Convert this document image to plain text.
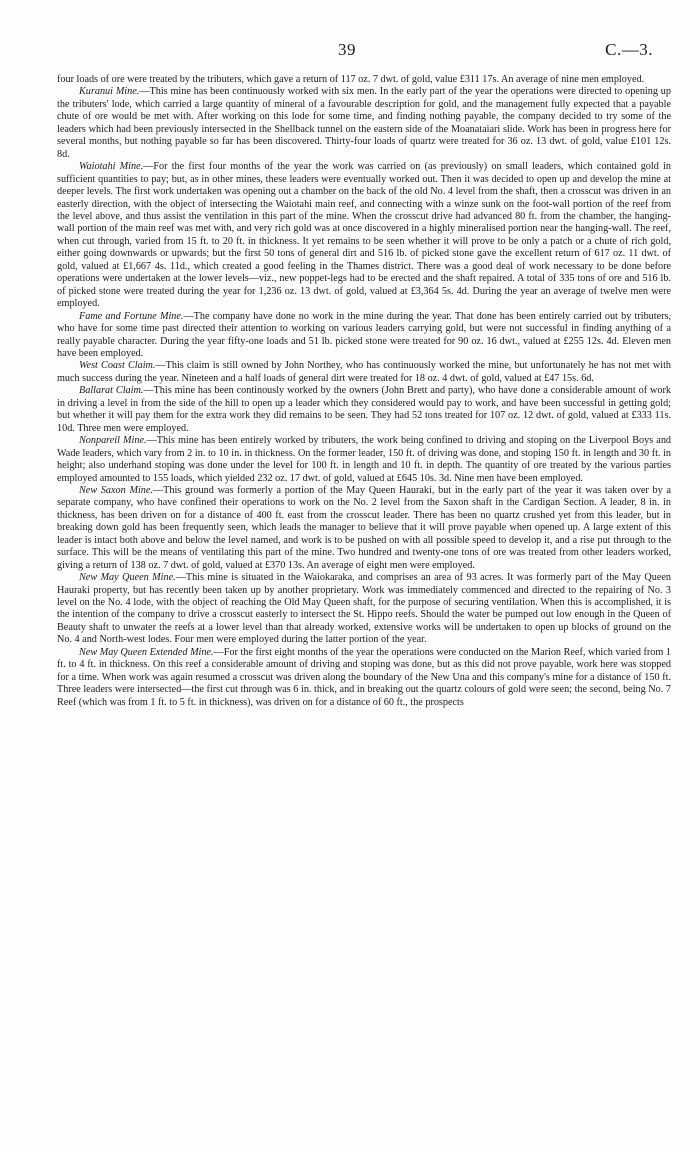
39	C.—3.

four loads of ore were treated by the tributers, which gave a return of 117 oz. 7 dwt. of gold, value £311 17s. An average of nine men employed.

Kuranui Mine.—This mine has been continuously worked with six men. In the early part of the year the operations were directed to opening up the tributers' lode, which carried a large quantity of mineral of a favourable description for gold, and the management fully expected that a payable chute of ore would be met with. After working on this lode for some time, and finding nothing payable, the company decided to try some of the leaders which had been previously intersected in the Shellback tunnel on the eastern side of the Moanataiari slide. Work has been in progress here for several months, but nothing payable so far has been discovered. Thirty-four loads of quartz were treated for 36 oz. 13 dwt. of gold, value £101 12s. 8d.

Waiotahi Mine.—For the first four months of the year the work was carried on (as previously) on small leaders, which contained gold in sufficient quantities to pay; but, as in other mines, these leaders were eventually worked out. Then it was decided to open up and develop the mine at deeper levels. The first work undertaken was opening out a chamber on the back of the old No. 4 level from the shaft, then a crosscut was driven in an easterly direction, with the object of intersecting the Waiotahi main reef, and connecting with a winze sunk on the foot-wall portion of the reef from the level above, and thus assist the ventilation in this part of the mine. When the crosscut drive had advanced 80 ft. from the chamber, the hanging-wall portion of the main reef was met with, and very rich gold was at once discovered in a highly mineralised portion near the hanging-wall. The reef, when cut through, varied from 15 ft. to 20 ft. in thickness. It yet remains to be seen whether it will prove to be only a patch or a chute of rich gold, either going downwards or upwards; but the first 50 tons of general dirt and 516 lb. of picked stone gave the excellent return of 617 oz. 11 dwt. of gold, valued at £1,667 4s. 11d., which created a good feeling in the Thames district. There was a good deal of work necessary to be done before operations were undertaken at the lower levels—viz., new poppet-legs had to be erected and the shaft repaired. A total of 335 tons of ore and 516 lb. of picked stone were treated during the year for 1,236 oz. 13 dwt. of gold, valued at £3,364 5s. 4d. During the year an average of twelve men were employed.

Fame and Fortune Mine.—The company have done no work in the mine during the year. That done has been entirely carried out by tributers, who have for some time past directed their attention to working on various leaders carrying gold, but were not successful in finding anything of a really payable character. During the year fifty-one loads and 51 lb. picked stone were treated for 90 oz. 16 dwt., valued at £255 12s. 4d. Eleven men have been employed.

West Coast Claim.—This claim is still owned by John Northey, who has continuously worked the mine, but unfortunately he has not met with much success during the year. Nineteen and a half loads of general dirt were treated for 18 oz. 4 dwt. of gold, valued at £47 15s. 6d.

Ballarat Claim.—This mine has been continously worked by the owners (John Brett and party), who have done a considerable amount of work in driving a level in from the side of the hill to open up a leader which they considered would pay to work, and have been successful in getting gold; but whether it will pay them for the extra work they did remains to be seen. They had 52 tons treated for 107 oz. 12 dwt. of gold, valued at £333 11s. 10d. Three men were employed.

Nonpareil Mine.—This mine has been entirely worked by tributers, the work being confined to driving and stoping on the Liverpool Boys and Wade leaders, which vary from 2 in. to 10 in. in thickness. On the former leader, 150 ft. of driving was done, and stoping 150 ft. in length and 30 ft. in height; also underhand stoping was done under the level for 100 ft. in length and 10 ft. in depth. The quantity of ore treated by the various parties employed amounted to 155 loads, which yielded 232 oz. 17 dwt. of gold, valued at £645 10s. 3d. Nine men have been employed.

New Saxon Mine.—This ground was formerly a portion of the May Queen Hauraki, but in the early part of the year it was taken over by a separate company, who have confined their operations to work on the No. 2 level from the Saxon shaft in the Cardigan Section. A leader, 8 in. in thickness, has been driven on for a distance of 400 ft. east from the crosscut leader. There has been no quartz crushed yet from this leader, but in breaking down gold has been frequently seen, which leads the manager to believe that it will prove payable when opened up. A large extent of this leader is intact both above and below the level named, and work is to be pushed on with all possible speed to develop it, and a rise put through to the surface. This will be the means of ventilating this part of the mine. Two hundred and twenty-one tons of ore was treated from other leaders worked, giving a return of 138 oz. 7 dwt. of gold, valued at £370 13s. An average of eight men were employed.

New May Queen Mine.—This mine is situated in the Waiokaraka, and comprises an area of 93 acres. It was formerly part of the May Queen Hauraki property, but has recently been taken up by another proprietary. Work was immediately commenced and directed to the repairing of No. 3 level on the No. 4 lode, with the object of reaching the Old May Queen shaft, for the purpose of securing ventilation. When this is accomplished, it is the intention of the company to drive a crosscut easterly to intersect the St. Hippo reefs. Should the water be pumped out low enough in the Queen of Beauty shaft to unwater the reefs at a lower level than that already worked, extensive works will be undertaken to open up blocks of ground on the No. 4 and North-west lodes. Four men were employed during the latter portion of the year.

New May Queen Extended Mine.—For the first eight months of the year the operations were conducted on the Marion Reef, which varied from 1 ft. to 4 ft. in thickness. On this reef a considerable amount of driving and stoping was done, but as this did not prove payable, work here was stopped for a time. When work was again resumed a crosscut was driven along the boundary of the New Una and this company's mine for a distance of 150 ft. Three leaders were intersected—the first cut through was 6 in. thick, and in breaking out the quartz colours of gold were seen; the second, being No. 7 Reef (which was from 1 ft. to 5 ft. in thickness), was driven on for a distance of 60 ft., the prospects
